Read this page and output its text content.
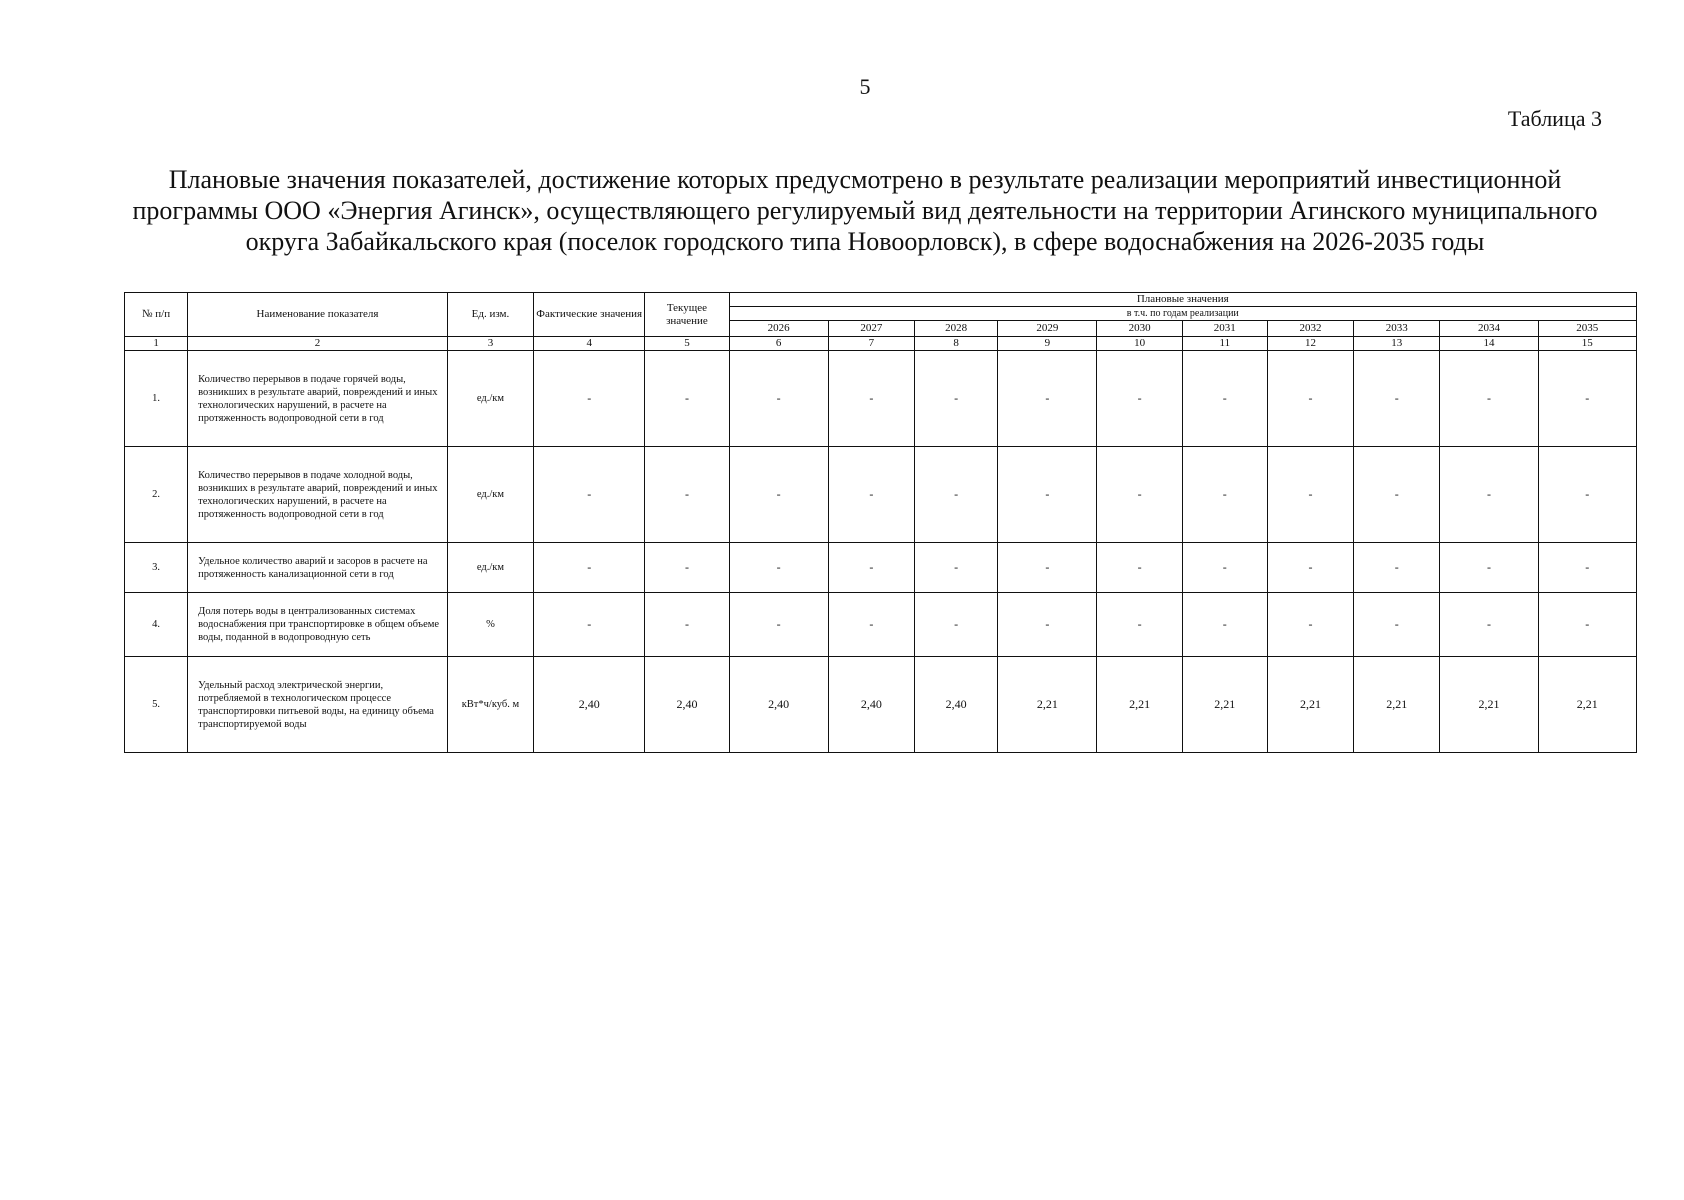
5
Таблица 3
Плановые значения показателей, достижение которых предусмотрено в результате реализации мероприятий инвестиционной программы ООО «Энергия Агинск», осуществляющего регулируемый вид деятельности на территории Агинского муниципального округа Забайкальского края (поселок городского типа Новоорловск), в сфере водоснабжения на 2026-2035 годы
№ п/п	Наименование показателя	Ед. изм.	Фактические значения	Текущее значение	Плановые значения									
					в т.ч. по годам реализации									
					2026	2027	2028	2029	2030	2031	2032	2033	2034	2035
1	2	3	4	5	6	7	8	9	10	11	12	13	14	15
1.	Количество перерывов в подаче горячей воды, возникших в результате аварий, повреждений и иных технологических нарушений, в расчете на протяженность водопроводной сети в год	ед./км	-	-	-	-	-	-	-	-	-	-	-	-
2.	Количество перерывов в подаче холодной воды, возникших в результате аварий, повреждений и иных технологических нарушений, в расчете на протяженность водопроводной сети в год	ед./км	-	-	-	-	-	-	-	-	-	-	-	-
3.	Удельное количество аварий и засоров в расчете на протяженность канализационной сети в год	ед./км	-	-	-	-	-	-	-	-	-	-	-	-
4.	Доля потерь воды в централизованных системах водоснабжения при транспортировке в общем объеме воды, поданной в водопроводную сеть	%	-	-	-	-	-	-	-	-	-	-	-	-
5.	Удельный расход электрической энергии, потребляемой в технологическом процессе транспортировки питьевой воды, на единицу объема транспортируемой воды	кВт*ч/куб. м	2,40	2,40	2,40	2,40	2,40	2,21	2,21	2,21	2,21	2,21	2,21	2,21
